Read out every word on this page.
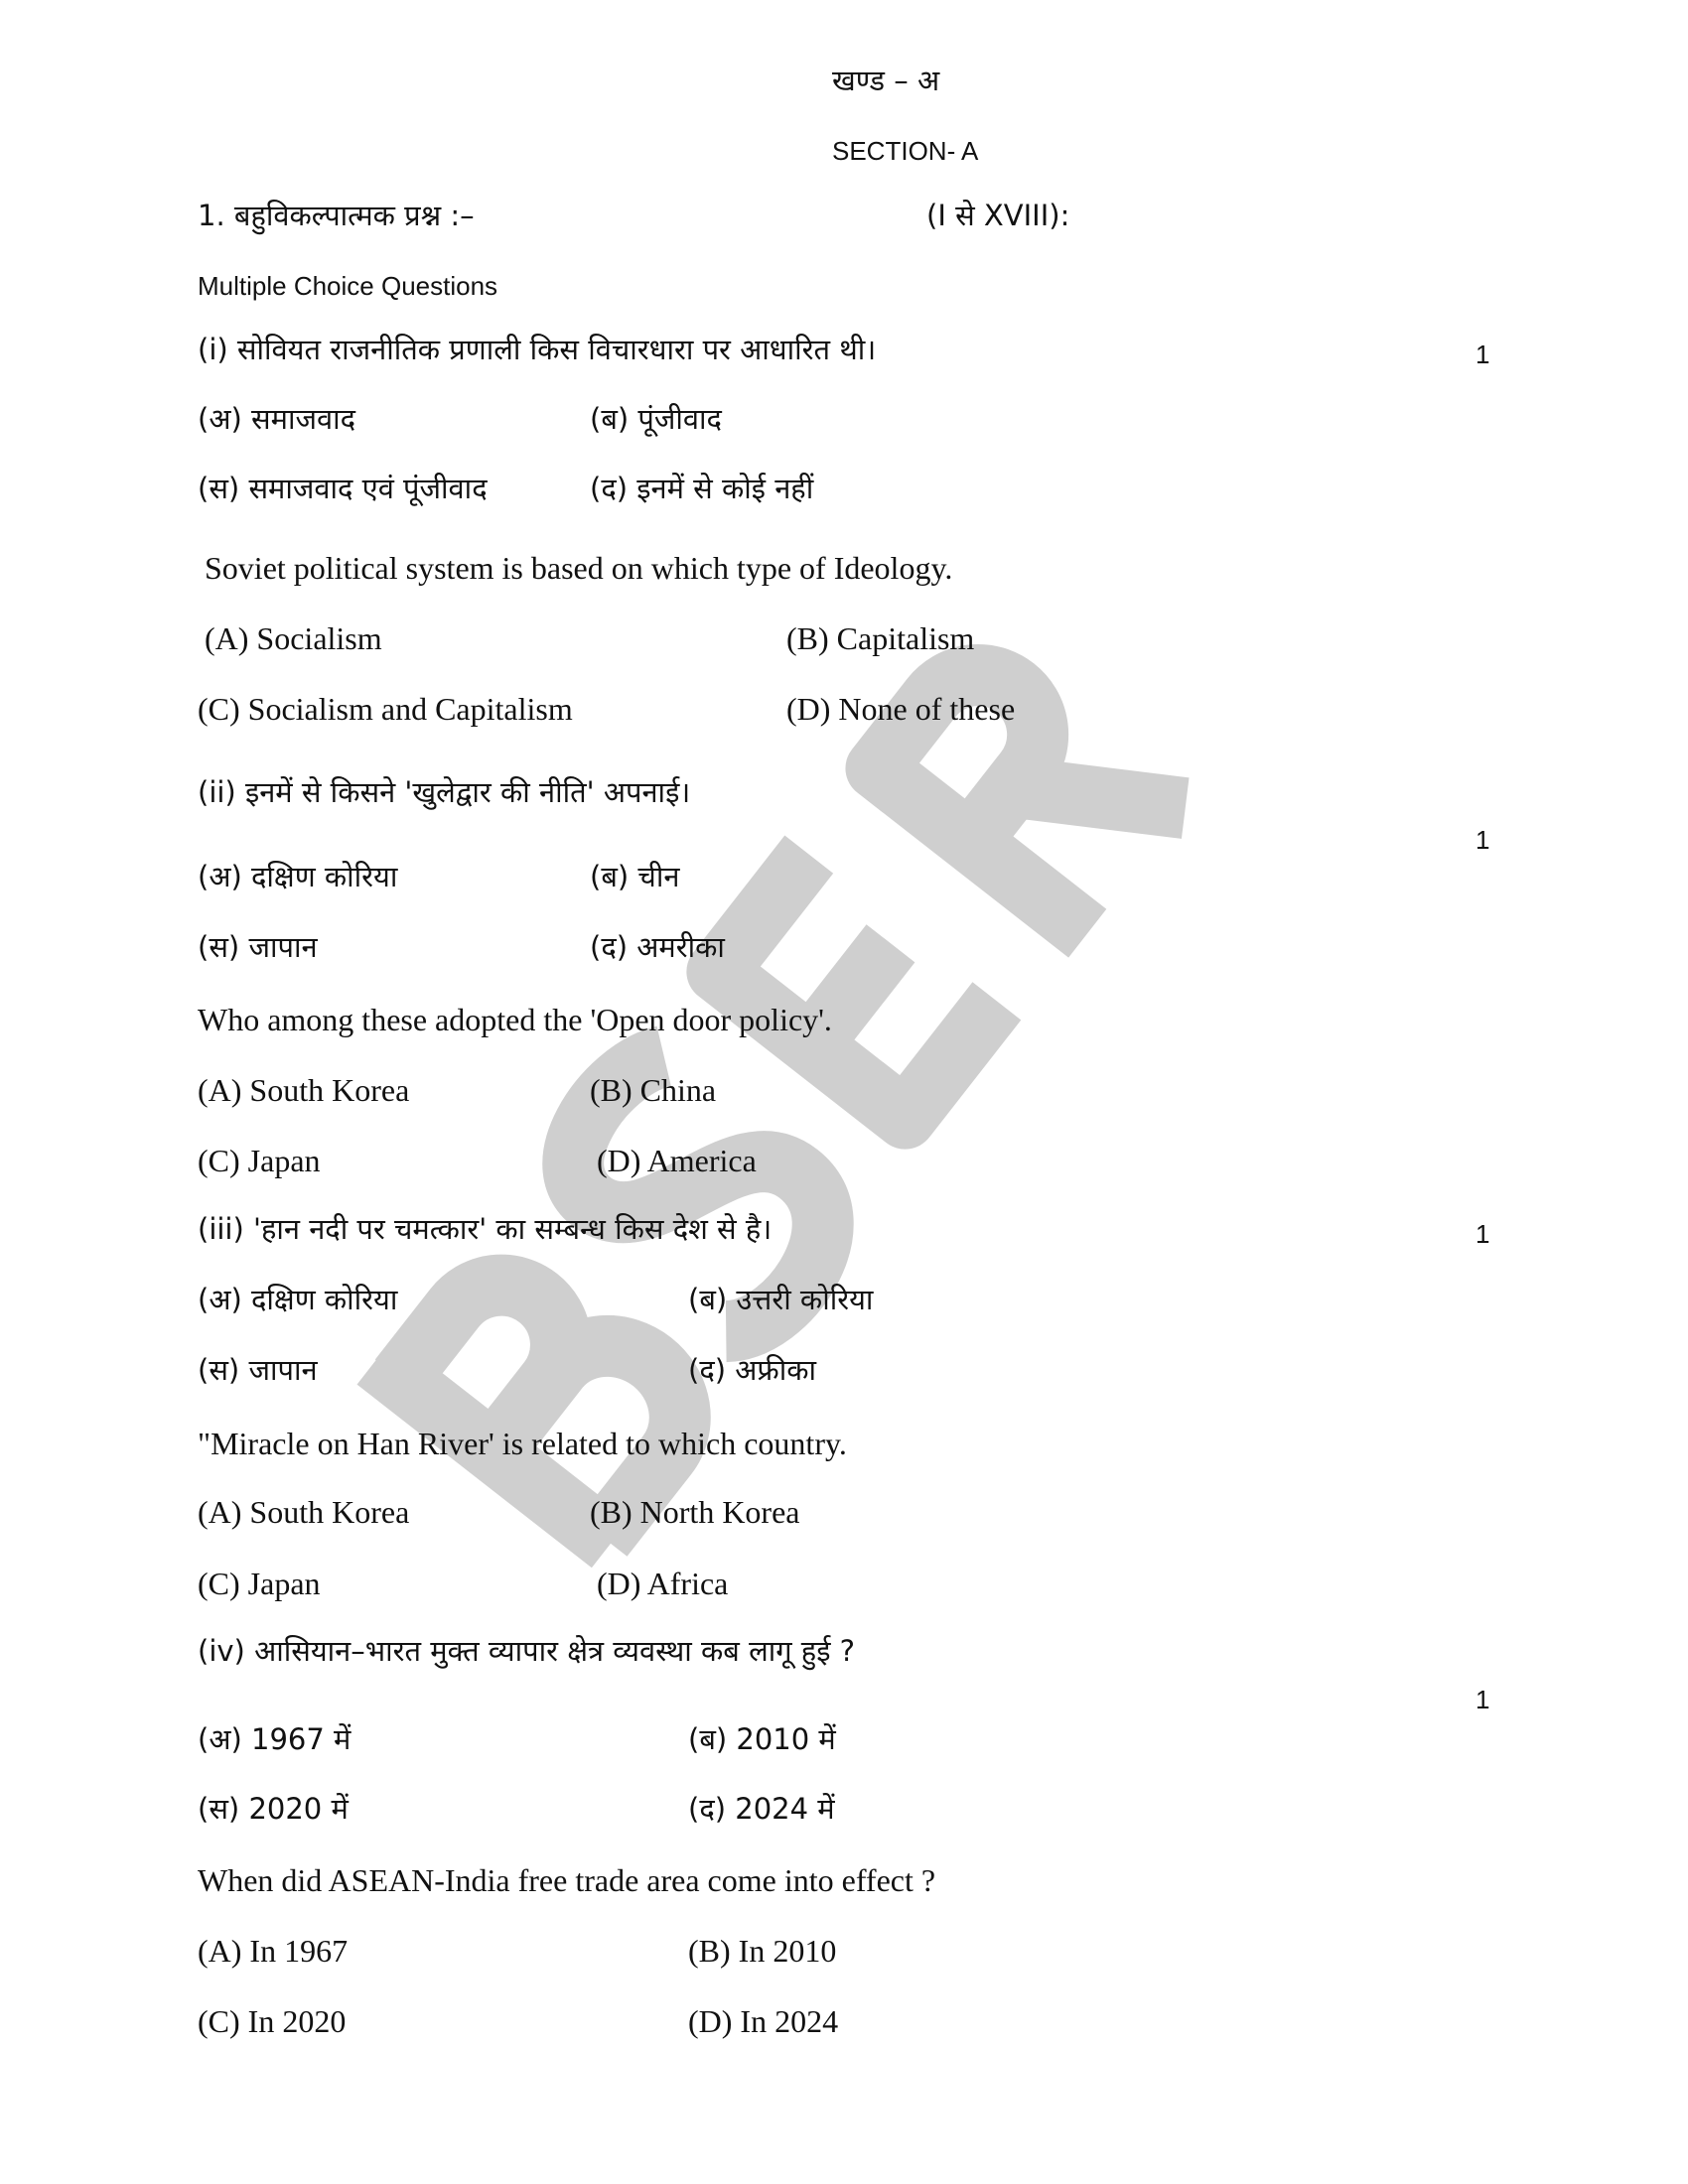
खण्ड – अ
SECTION- A
1. बहुविकल्पात्मक प्रश्न :–	(I से XVIII):
Multiple Choice Questions
(i) सोवियत राजनीतिक प्रणाली किस विचारधारा पर आधारित थी।	1
(अ) समाजवाद	(ब) पूंजीवाद
(स) समाजवाद एवं पूंजीवाद	(द) इनमें से कोई नहीं
Soviet political system is based on which type of Ideology.
(A) Socialism	(B) Capitalism
(C) Socialism and Capitalism	(D) None of these
(ii) इनमें से किसने 'खुलेद्वार की नीति' अपनाई।
1
(अ) दक्षिण कोरिया	(ब) चीन
(स) जापान	(द) अमरीका
Who among these adopted the 'Open door policy'.
(A) South Korea	(B) China
(C) Japan	(D) America
(iii) 'हान नदी पर चमत्कार' का सम्बन्ध किस देश से है।	1
(अ) दक्षिण कोरिया	(ब) उत्तरी कोरिया
(स) जापान	(द) अफ्रीका
"Miracle on Han River' is related to which country.
(A) South Korea	(B) North Korea
(C) Japan	(D) Africa
(iv) आसियान–भारत मुक्त व्यापार क्षेत्र व्यवस्था कब लागू हुई ?
1
(अ) 1967 में	(ब) 2010 में
(स) 2020 में	(द) 2024 में
When did ASEAN-India free trade area come into effect ?
(A) In 1967	(B) In 2010
(C) In 2020	(D) In 2024
